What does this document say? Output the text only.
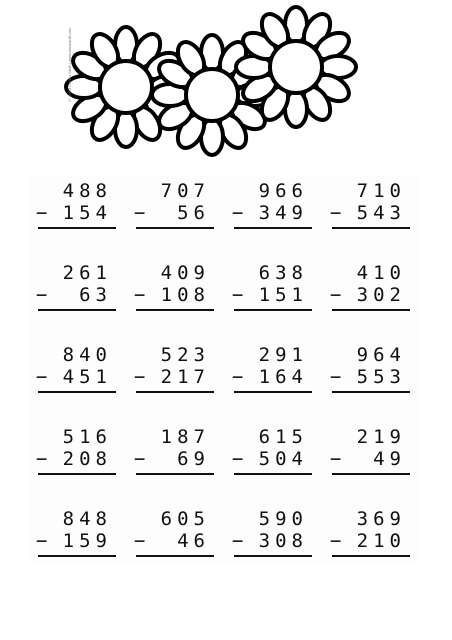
© 2003 Doris's Stuff • www.dorisstuff.com
488
− 154
707
− 56
966
− 349
710
− 543
261
− 63
409
− 108
638
− 151
410
− 302
840
− 451
523
− 217
291
− 164
964
− 553
516
− 208
187
− 69
615
− 504
219
− 49
848
− 159
605
− 46
590
− 308
369
− 210
